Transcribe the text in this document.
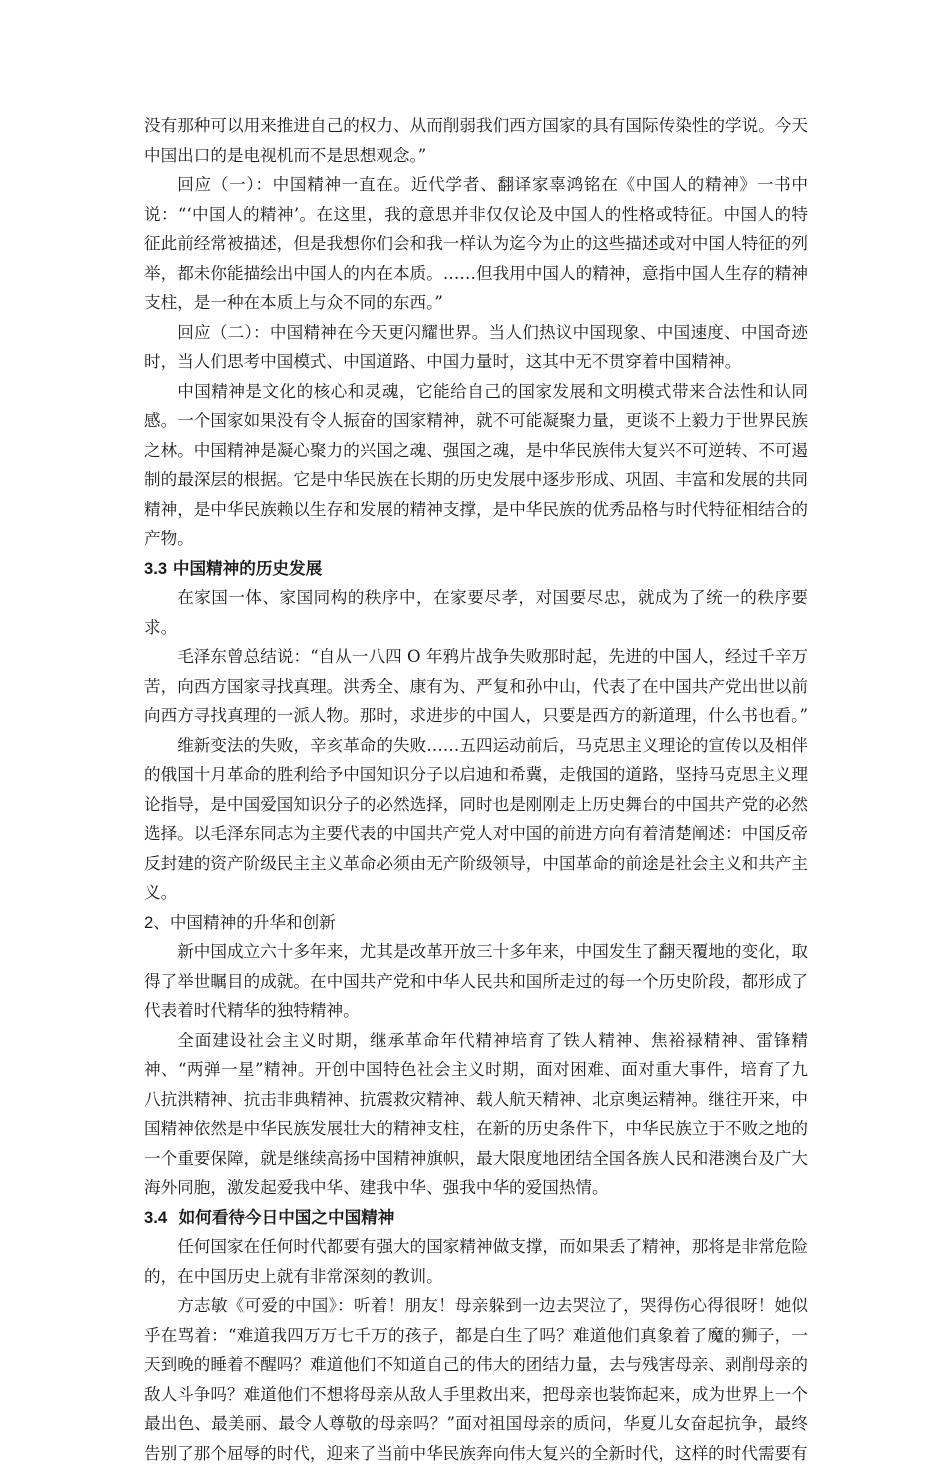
没有那种可以用来推进自己的权力、从而削弱我们西方国家的具有国际传染性的学说。今天中国出口的是电视机而不是思想观念。”

回应（一）：中国精神一直在。近代学者、翻译家辜鸿铭在《中国人的精神》一书中说：“‘中国人的精神’。在这里，我的意思并非仅仅论及中国人的性格或特征。中国人的特征此前经常被描述，但是我想你们会和我一样认为迄今为止的这些描述或对中国人特征的列举，都未你能描绘出中国人的内在本质。……但我用中国人的精神，意指中国人生存的精神支柱，是一种在本质上与众不同的东西。”

回应（二）：中国精神在今天更闪耀世界。当人们热议中国现象、中国速度、中国奇迹时，当人们思考中国模式、中国道路、中国力量时，这其中无不贯穿着中国精神。

中国精神是文化的核心和灵魂，它能给自己的国家发展和文明模式带来合法性和认同感。一个国家如果没有令人振奋的国家精神，就不可能凝聚力量，更谈不上毅力于世界民族之林。中国精神是凝心聚力的兴国之魂、强国之魂，是中华民族伟大复兴不可逆转、不可遏制的最深层的根据。它是中华民族在长期的历史发展中逐步形成、巩固、丰富和发展的共同精神，是中华民族赖以生存和发展的精神支撑，是中华民族的优秀品格与时代特征相结合的产物。

3.3 中国精神的历史发展

在家国一体、家国同构的秩序中，在家要尽孝，对国要尽忠，就成为了统一的秩序要求。

毛泽东曾总结说：“自从一八四 O 年鸦片战争失败那时起，先进的中国人，经过千辛万苦，向西方国家寻找真理。洪秀全、康有为、严复和孙中山，代表了在中国共产党出世以前向西方寻找真理的一派人物。那时，求进步的中国人，只要是西方的新道理，什么书也看。”

维新变法的失败，辛亥革命的失败……五四运动前后，马克思主义理论的宣传以及相伴的俄国十月革命的胜利给予中国知识分子以启迪和希冀，走俄国的道路，坚持马克思主义理论指导，是中国爱国知识分子的必然选择，同时也是刚刚走上历史舞台的中国共产党的必然选择。以毛泽东同志为主要代表的中国共产党人对中国的前进方向有着清楚阐述：中国反帝反封建的资产阶级民主主义革命必须由无产阶级领导，中国革命的前途是社会主义和共产主义。

2、中国精神的升华和创新

新中国成立六十多年来，尤其是改革开放三十多年来，中国发生了翻天覆地的变化，取得了举世瞩目的成就。在中国共产党和中华人民共和国所走过的每一个历史阶段，都形成了代表着时代精华的独特精神。

全面建设社会主义时期，继承革命年代精神培育了铁人精神、焦裕禄精神、雷锋精神、“两弹一星”精神。开创中国特色社会主义时期，面对困难、面对重大事件，培育了九八抗洪精神、抗击非典精神、抗震救灾精神、载人航天精神、北京奥运精神。继往开来，中国精神依然是中华民族发展壮大的精神支柱，在新的历史条件下，中华民族立于不败之地的一个重要保障，就是继续高扬中国精神旗帜，最大限度地团结全国各族人民和港澳台及广大海外同胞，激发起爱我中华、建我中华、强我中华的爱国热情。

3.4 如何看待今日中国之中国精神

任何国家在任何时代都要有强大的国家精神做支撑，而如果丢了精神，那将是非常危险的，在中国历史上就有非常深刻的教训。

方志敏《可爱的中国》：听着！朋友！母亲躲到一边去哭泣了，哭得伤心得很呀！她似乎在骂着：“难道我四万万七千万的孩子，都是白生了吗？难道他们真象着了魔的狮子，一天到晚的睡着不醒吗？难道他们不知道自己的伟大的团结力量，去与残害母亲、剥削母亲的敌人斗争吗？难道他们不想将母亲从敌人手里救出来，把母亲也装饰起来，成为世界上一个最出色、最美丽、最令人尊敬的母亲吗？”面对祖国母亲的质问，华夏儿女奋起抗争，最终告别了那个屈辱的时代，迎来了当前中华民族奔向伟大复兴的全新时代，这样的时代需要有
